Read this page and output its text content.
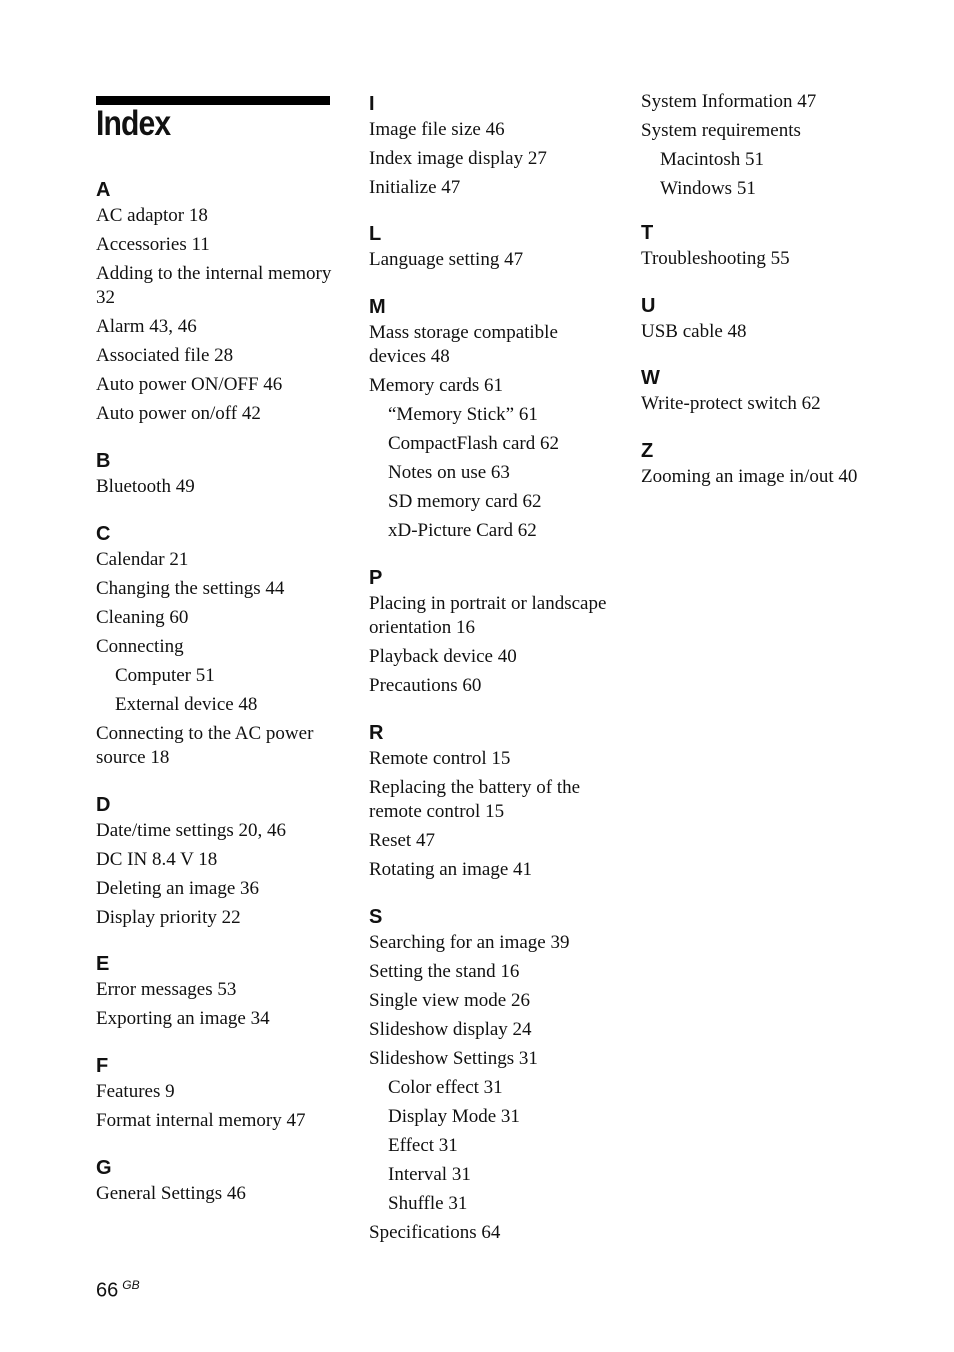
Index
A
AC adaptor 18
Accessories 11
Adding to the internal memory 32
Alarm 43, 46
Associated file 28
Auto power ON/OFF 46
Auto power on/off 42
B
Bluetooth 49
C
Calendar 21
Changing the settings 44
Cleaning 60
Connecting
Computer 51
External device 48
Connecting to the AC power source 18
D
Date/time settings 20, 46
DC IN 8.4 V 18
Deleting an image 36
Display priority 22
E
Error messages 53
Exporting an image 34
F
Features 9
Format internal memory 47
G
General Settings 46
I
Image file size 46
Index image display 27
Initialize 47
L
Language setting 47
M
Mass storage compatible devices 48
Memory cards 61
“Memory Stick” 61
CompactFlash card 62
Notes on use 63
SD memory card 62
xD-Picture Card 62
P
Placing in portrait or landscape orientation 16
Playback device 40
Precautions 60
R
Remote control 15
Replacing the battery of the remote control 15
Reset 47
Rotating an image 41
S
Searching for an image 39
Setting the stand 16
Single view mode 26
Slideshow display 24
Slideshow Settings 31
Color effect 31
Display Mode 31
Effect 31
Interval 31
Shuffle 31
Specifications 64
System Information 47
System requirements
Macintosh 51
Windows 51
T
Troubleshooting 55
U
USB cable 48
W
Write-protect switch 62
Z
Zooming an image in/out 40
66 $^{GB}$
